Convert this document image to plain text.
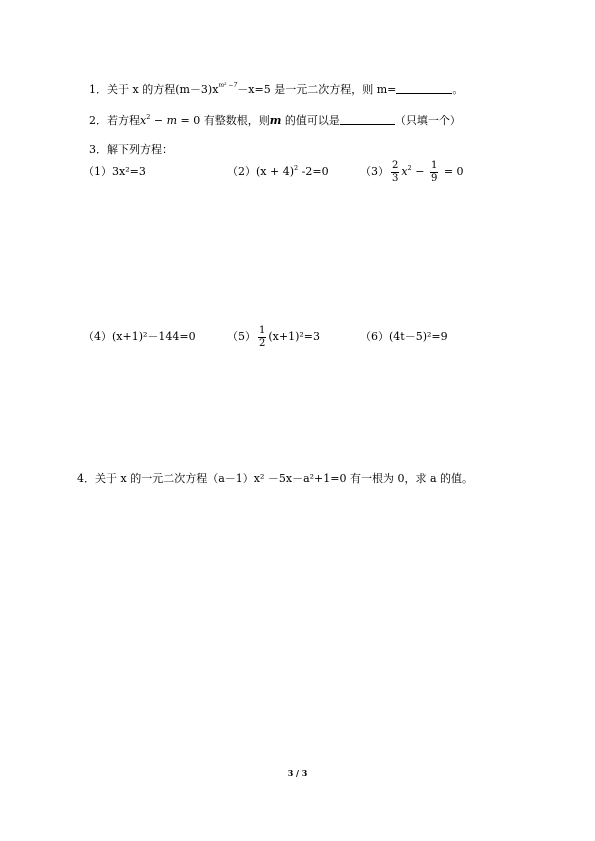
1．关于 x 的方程$(m-3)x^{m^2 -7}-x=5$ 是一元二次方程，则 m=	。
2．若方程$x^2 - m = 0$ 有整数根，则m 的值可以是	（只填一个）
3．解下列方程：
（1）3x²=3	$(2)(x + 4)^2$ -2=0	$(3) \frac{2}{3} x^2 - \frac{1}{9} = 0$
（4）(x+1)²－144=0	$(5) \frac{1}{2} (x+1)^2=3$	（6）(4t－5)²=9
4．关于 x 的一元二次方程（a－1）x² －5x－a²+1=0 有一根为 0，求 a 的值。
3 / 3
